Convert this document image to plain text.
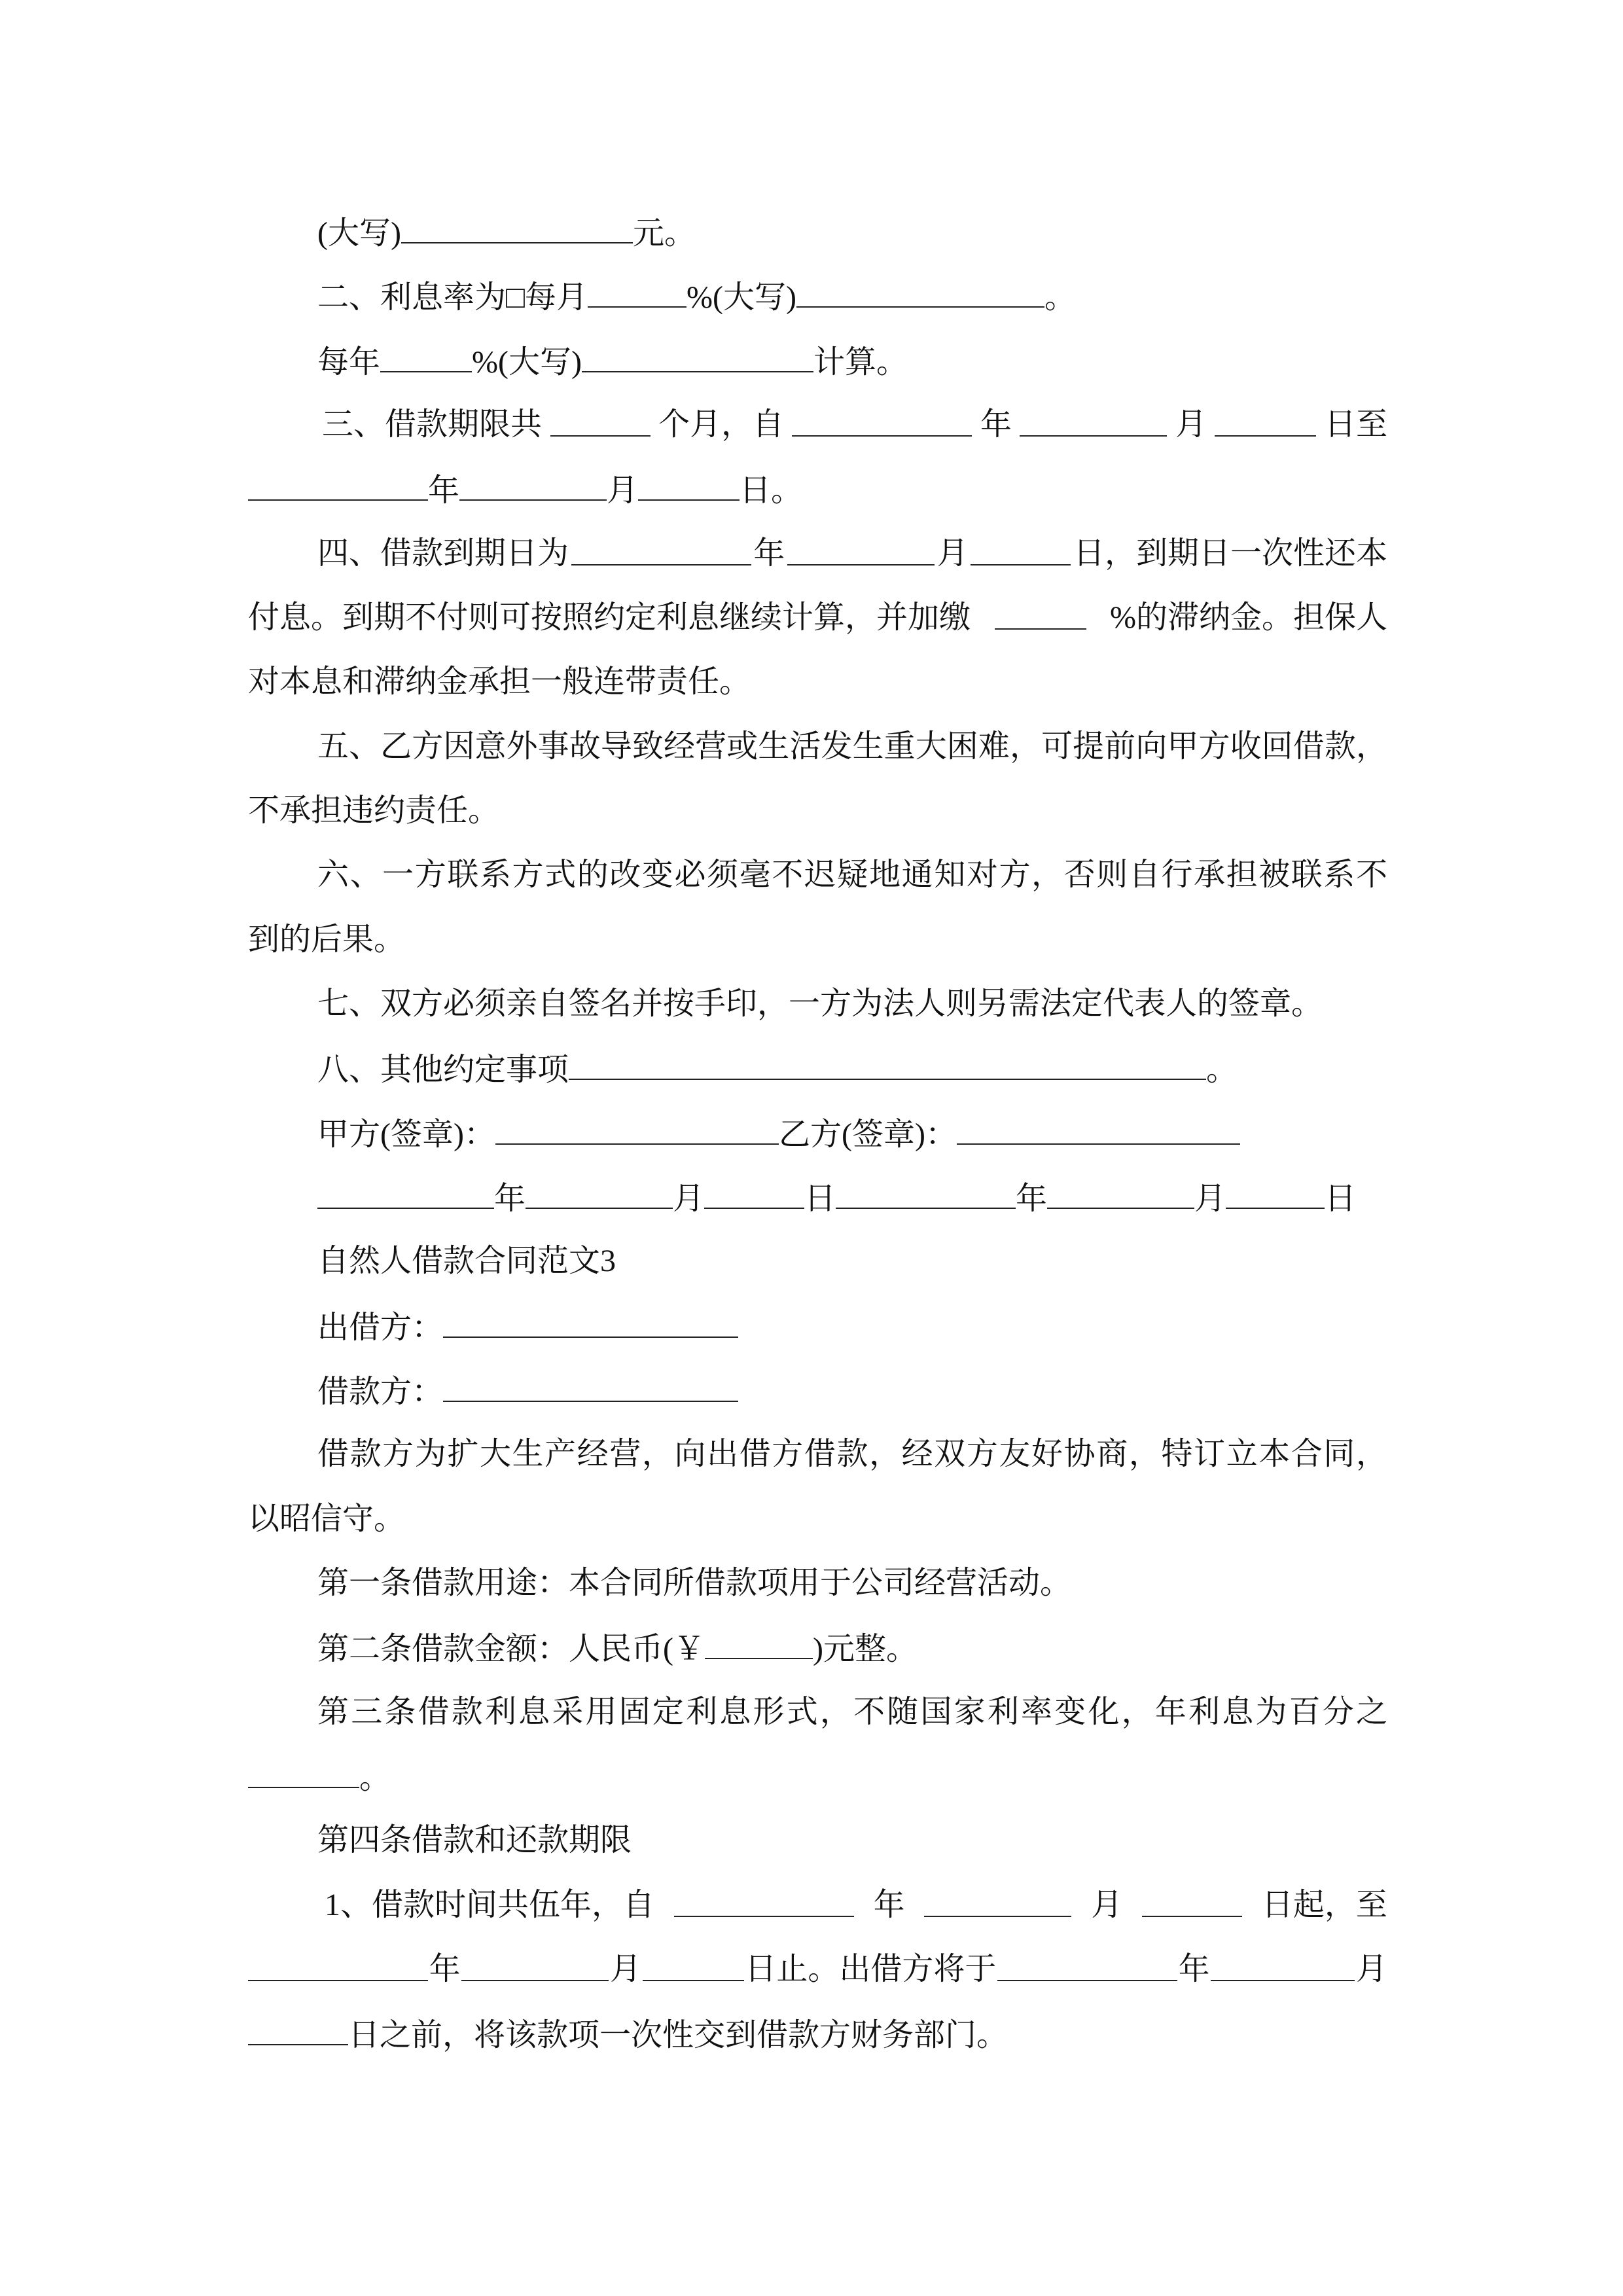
(大写)	元。
二、利息率为□每月	%(大写)	。
每年	%(大写)	计算。
三、借款期限共	个月，自	年	月	日至
年	月	日。
四、借款到期日为	年	月	日，到期日一次性还本
付息。到期不付则可按照约定利息继续计算，并加缴	%的滞纳金。担保人
对本息和滞纳金承担一般连带责任。
五、乙方因意外事故导致经营或生活发生重大困难，可提前向甲方收回借款，
不承担违约责任。
六、一方联系方式的改变必须毫不迟疑地通知对方，否则自行承担被联系不
到的后果。
七、双方必须亲自签名并按手印，一方为法人则另需法定代表人的签章。
八、其他约定事项	。
甲方(签章)：	乙方(签章)：
年	月	日	年	月	日
自然人借款合同范文3
出借方：
借款方：
借款方为扩大生产经营，向出借方借款，经双方友好协商，特订立本合同，
以昭信守。
第一条借款用途：本合同所借款项用于公司经营活动。
第二条借款金额：人民币(￥	)元整。
第三条借款利息采用固定利息形式，不随国家利率变化，年利息为百分之
。
第四条借款和还款期限
1、借款时间共伍年，自	年	月	日起，至
年	月	日止。出借方将于	年	月
日之前，将该款项一次性交到借款方财务部门。
